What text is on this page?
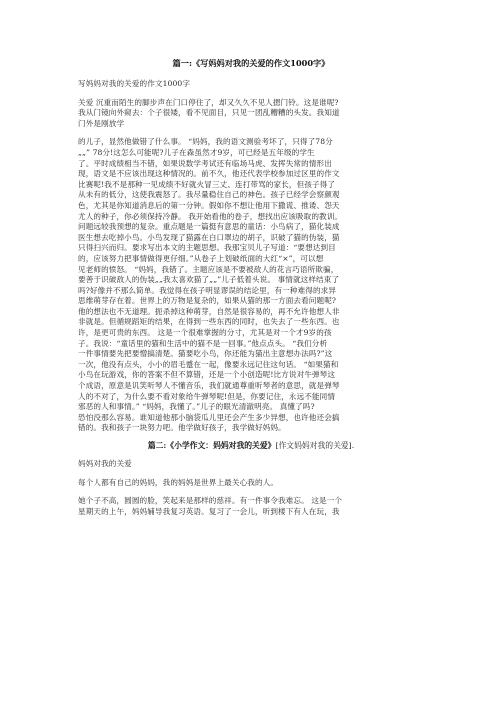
篇一:《写妈妈对我的关爱的作文1000字》
写妈妈对我的关爱的作文1000字
关爱 沉重而陌生的脚步声在门口停住了，却又久久不见人摁门铃。这是谁呢?
我从门镜向外窥去：个子很矮，看不见面目，只见一团乱糟糟的头发。我知道
门外是刚放学
的儿子，显然他做错了什么事。 “妈妈，我的语文测验考坏了，只得了78分
„„” 78分!这怎么可能呢?儿子在森虽然才9岁，可已经是五年级的学生
了。平时成绩相当不错，如果说数学考试还有临场马虎、发挥失常的情形出
现，语文是不应该出现这种情况的。前不久，他还代表学校参加过区里的作文
比赛呢!我不是那种一见成绩不好就火冒三丈、连打带骂的家长，但孩子得了
从未有的低分，这使我震怒了。我尽量稳住自己的神色。孩子已经学会察颜观
色，尤其是你知道消息后的第一分钟。假如你不想让他用下撒谎、推诿、怨天
尤人的种子，你必须保持冷静。 我开始看他的卷子，想找出应该吸取的教训。
问题远较我预想的复杂。重点题是一篇挺有意思的童话：小鸟病了，猫化装成
医生想去吃掉小鸟。小鸟发现了猫露在白口罩边的胡子，识破了猫的伪装，猫
只得扫兴而归。要求写出本文的主题思想。我那宝贝儿子写道：“要想达到目
的，应该努力把事情做得更仔细。”从卷子上划破纸面的大红“×”，可以想
见老师的愤怒。 “妈妈，我错了。主题应该是不要被敌人的花言巧语所欺骗，
要善于识破敌人的伪装„„我太喜欢猫了„„”儿子低着头说。 事情就这样结束了
吗?好像并不那么简单。我觉得在孩子明显谬误的结论里，有一种难得的求异
思维萌芽存在着。世界上的万物是复杂的，如果从猫的那一方面去看问题呢?
他的想法也不无道理。扼杀掉这种萌芽，自然是很容易的，再不允许他想人非
非就是。但循规蹈矩的结果，在得到一些东西的同时，也失去了一些东西。也
许，是更可贵的东西。 这是一个很难掌握的分寸，尤其是对一个才9岁的孩
子。我说：“童话里的猫和生活中的猫不是一回事。”他点点头。 “我们分析
一件事情要先把要憎搞清楚。猫要吃小鸟，你还能为猫出主意想办法吗?”这
一次，他没有点头，小小的眉毛蹙在一起，像要永远记住这句话。 “如果猫和
小鸟在玩游戏，你的答案不但不算错，还是一个小创造呢!比方说对牛弹琴这
个成语，原意是讥笑听琴人不懂音乐，我们就通尊重听琴者的意思，就是弹琴
人的不对了，为什么要不看对象给牛弹琴呢!但是，你要记住，永远不能同情
邪恶的人和事情。” “妈妈，我懂了。”儿子的眼光清澈明亮。 真懂了吗?
恐怕没那么容易。谁知道他那小脑袋瓜儿里还会产生多少异想，也许他还会搞
错的。我和孩子一块努力吧。他学做好孩子，我学做好妈妈。
篇二:《小学作文：妈妈对我的关爱》[作文妈妈对我的关爱].
妈妈对我的关爱
每个人都有自己的妈妈，我的妈妈是世界上最关心我的人。
她个子不高，圆圆的脸，笑起来是那样的慈祥。有一件事令我难忘。 这是一个
星期天的上午，妈妈辅导我复习英语。复习了一会儿，听到楼下有人在玩，我
